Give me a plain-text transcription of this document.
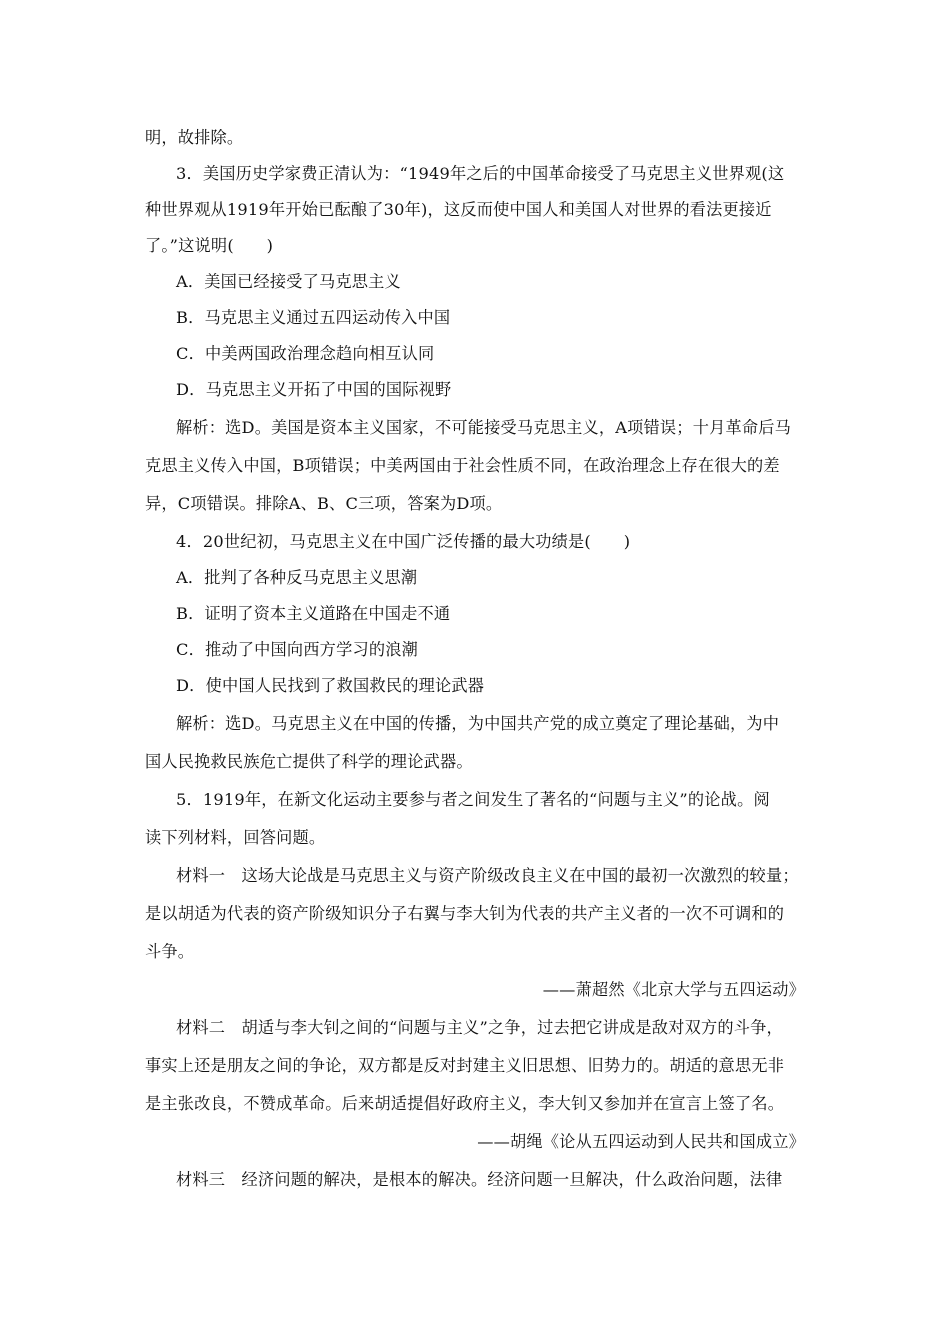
明，故排除。
3．美国历史学家费正清认为：“1949年之后的中国革命接受了马克思主义世界观(这
种世界观从1919年开始已酝酿了30年)，这反而使中国人和美国人对世界的看法更接近
了。”这说明(　　)
A．美国已经接受了马克思主义
B．马克思主义通过五四运动传入中国
C．中美两国政治理念趋向相互认同
D．马克思主义开拓了中国的国际视野
解析：选D。美国是资本主义国家，不可能接受马克思主义，A项错误；十月革命后马
克思主义传入中国，B项错误；中美两国由于社会性质不同，在政治理念上存在很大的差
异，C项错误。排除A、B、C三项，答案为D项。
4．20世纪初，马克思主义在中国广泛传播的最大功绩是(　　)
A．批判了各种反马克思主义思潮
B．证明了资本主义道路在中国走不通
C．推动了中国向西方学习的浪潮
D．使中国人民找到了救国救民的理论武器
解析：选D。马克思主义在中国的传播，为中国共产党的成立奠定了理论基础，为中
国人民挽救民族危亡提供了科学的理论武器。
5．1919年，在新文化运动主要参与者之间发生了著名的“问题与主义”的论战。阅
读下列材料，回答问题。
材料一　这场大论战是马克思主义与资产阶级改良主义在中国的最初一次激烈的较量；
是以胡适为代表的资产阶级知识分子右翼与李大钊为代表的共产主义者的一次不可调和的
斗争。
——萧超然《北京大学与五四运动》
材料二　胡适与李大钊之间的“问题与主义”之争，过去把它讲成是敌对双方的斗争，
事实上还是朋友之间的争论，双方都是反对封建主义旧思想、旧势力的。胡适的意思无非
是主张改良，不赞成革命。后来胡适提倡好政府主义，李大钊又参加并在宣言上签了名。
——胡绳《论从五四运动到人民共和国成立》
材料三　经济问题的解决，是根本的解决。经济问题一旦解决，什么政治问题，法律
